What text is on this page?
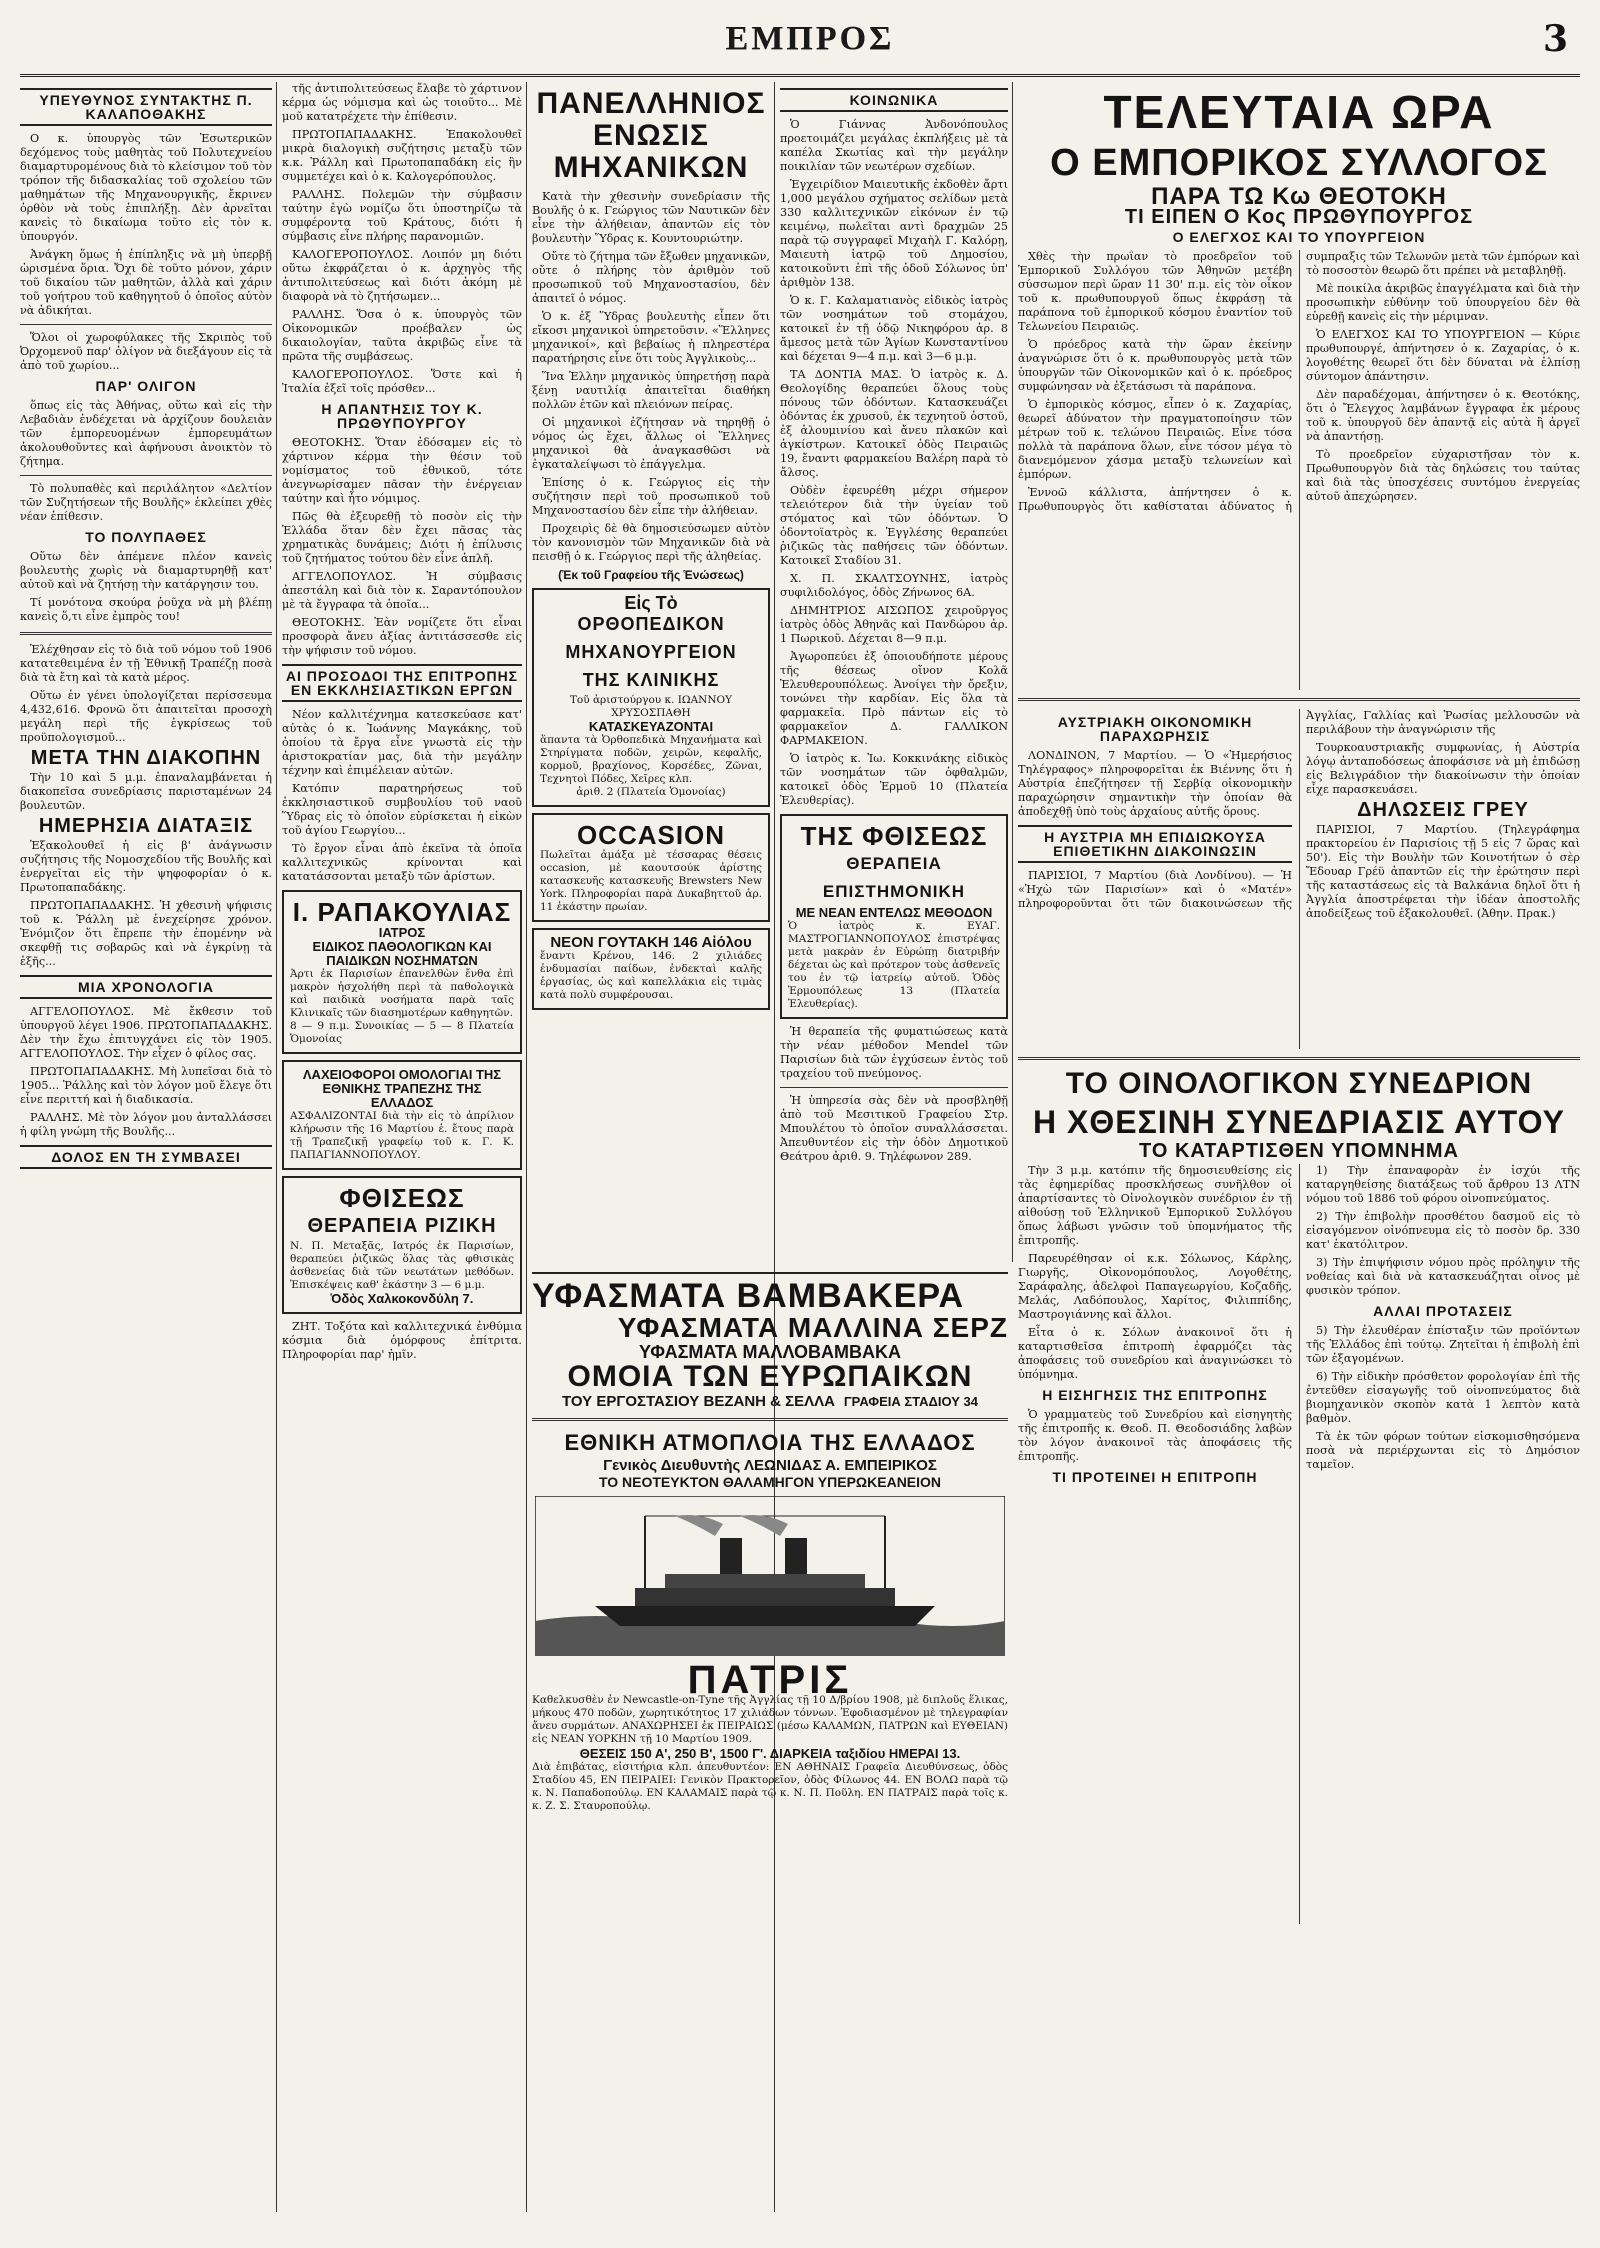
ΕΜΠΡΟΣ	3
ΥΠΕΥΘΥΝΟΣ ΣΥΝΤΑΚΤΗΣ Π. ΚΑΛΑΠΟΘΑΚΗΣ

Ο κ. ὑπουργὸς τῶν Ἐσωτερικῶν δεχόμενος τοὺς μαθητὰς τοῦ Πολυτεχνείου διαμαρτυρομένους διὰ τὸ κλείσιμον τοῦ τὸν τρόπον τῆς διδασκαλίας τοῦ σχολείου τῶν μαθημάτων τῆς Μηχανουργικῆς, ἔκρινεν ὀρθὸν νὰ τοὺς ἐπιπλήξῃ. Δὲν ἀρνεῖται κανεὶς τὸ δικαίωμα τοῦτο εἰς τὸν κ. ὑπουργόν.

Ἀνάγκη ὅμως ἡ ἐπίπληξις νὰ μὴ ὑπερβῇ ὡρισμένα ὅρια. Ὄχι δὲ τοῦτο μόνον, χάριν τοῦ δικαίου τῶν μαθητῶν, ἀλλὰ καὶ χάριν τοῦ γοήτρου τοῦ καθηγητοῦ ὁ ὁποῖος αὐτὸν νὰ ἀδικήται.

Ὅλοι οἱ χωροφύλακες τῆς Σκριπὸς τοῦ Ὀρχομενοῦ παρ' ὀλίγον νὰ διεξάγουν εἰς τὰ ἀπὸ τοῦ χωρίου...

ΠΑΡ' ΟΛΙΓΟΝ

ὅπως εἰς τὰς Ἀθήνας, οὕτω καὶ εἰς τὴν Λεβαδιὰν ἐνδέχεται νὰ ἀρχίζουν δουλειὰν τῶν ἐμπορευομένων ἐμπορευμάτων ἀκολουθοῦντες καὶ ἀφήνουσι ἀνοικτὸν τὸ ζήτημα.

Τὸ πολυπαθὲς καὶ περιλάλητον «Δελτίον τῶν Συζητήσεων τῆς Βουλῆς» ἐκλείπει χθὲς νέαν ἐπίθεσιν.

ΤΟ ΠΟΛΥΠΑΘΕΣ

Οὕτω δὲν ἀπέμενε πλέον κανεὶς βουλευτὴς χωρὶς νὰ διαμαρτυρηθῇ κατ' αὐτοῦ καὶ νὰ ζητήσῃ τὴν κατάργησιν του.

Τί μονότονα σκούρα ῥοῦχα νὰ μὴ βλέπῃ κανεὶς ὅ,τι εἶνε ἐμπρὸς του!

Ἐλέχθησαν εἰς τὸ διὰ τοῦ νόμου τοῦ 1906 κατατεθειμένα ἐν τῇ Ἐθνικῇ Τραπέζῃ ποσὰ διὰ τὰ ἔτη καὶ τὰ κατὰ μέρος.

Οὕτω ἐν γένει ὑπολογίζεται περίσσευμα 4,432,616. Φρονῶ ὅτι ἀπαιτεῖται προσοχὴ μεγάλη περὶ τῆς ἐγκρίσεως τοῦ προϋπολογισμοῦ...

ΜΕΤΑ ΤΗΝ ΔΙΑΚΟΠΗΝ

Τὴν 10 καὶ 5 μ.μ. ἐπαναλαμβάνεται ἡ διακοπεῖσα συνεδρίασις παρισταμένων 24 βουλευτῶν.

ΗΜΕΡΗΣΙΑ ΔΙΑΤΑΞΙΣ

Ἐξακολουθεῖ ἡ εἰς β' ἀνάγνωσιν συζήτησις τῆς Νομοσχεδίου τῆς Βουλῆς καὶ ἐνεργεῖται εἰς τὴν ψηφοφορίαν ὁ κ. Πρωτοπαπαδάκης.

ΠΡΩΤΟΠΑΠΑΔΑΚΗΣ. Ἡ χθεσινὴ ψήφισις τοῦ κ. Ῥάλλη μὲ ἐνεχείρησε χρόνον. Ἐνόμιζον ὅτι ἔπρεπε τὴν ἐπομένην νὰ σκεφθῇ τις σοβαρῶς καὶ νὰ ἐγκρίνῃ τὰ ἑξῆς...

ΜΙΑ ΧΡΟΝΟΛΟΓΙΑ

ΑΓΓΕΛΟΠΟΥΛΟΣ. Μὲ ἔκθεσιν τοῦ ὑπουργοῦ λέγει 1906. ΠΡΩΤΟΠΑΠΑΔΑΚΗΣ. Δὲν τὴν ἔχω ἐπιτυγχάνει εἰς τὸν 1905. ΑΓΓΕΛΟΠΟΥΛΟΣ. Τὴν εἶχεν ὁ φίλος σας.

ΠΡΩΤΟΠΑΠΑΔΑΚΗΣ. Μὴ λυπεῖσαι διὰ τὸ 1905... Ῥάλλης καὶ τὸν λόγον μοῦ ἔλεγε ὅτι εἶνε περιττή καὶ ἡ διαδικασία.

ΡΑΛΛΗΣ. Μὲ τὸν λόγον μου ἀνταλλάσσει ἡ φίλη γνώμη τῆς Βουλῆς...

ΔΟΛΟΣ ΕΝ ΤΗ ΣΥΜΒΑΣΕΙ

τῆς ἀντιπολιτεύσεως ἔλαβε τὸ χάρτινον κέρμα ὡς νόμισμα καὶ ὡς τοιοῦτο... Μὲ μοῦ κατατρέχετε τὴν ἐπίθεσιν.

ΠΡΩΤΟΠΑΠΑΔΑΚΗΣ. Ἐπακολουθεῖ μικρὰ διαλογικὴ συζήτησις μεταξὺ τῶν κ.κ. Ῥάλλη καὶ Πρωτοπαπαδάκη εἰς ἣν συμμετέχει καὶ ὁ κ. Καλογερόπουλος.

ΡΑΛΛΗΣ. Πολεμῶν τὴν σύμβασιν ταύτην ἐγὼ νομίζω ὅτι ὑποστηρίζω τὰ συμφέροντα τοῦ Κράτους, διότι ἡ σύμβασις εἶνε πλήρης παρανομιῶν.

ΚΑΛΟΓΕΡΟΠΟΥΛΟΣ. Λοιπόν μη διότι οὕτω ἐκφράζεται ὁ κ. ἀρχηγὸς τῆς ἀντιπολιτεύσεως καὶ διότι ἀκόμη μὲ διαφορὰ νὰ τὸ ζητήσωμεν...

ΡΑΛΛΗΣ. Ὅσα ὁ κ. ὑπουργὸς τῶν Οἰκονομικῶν προέβαλεν ὡς δικαιολογίαν, ταῦτα ἀκριβῶς εἶνε τὰ πρῶτα τῆς συμβάσεως.

ΚΑΛΟΓΕΡΟΠΟΥΛΟΣ. Ὅστε καὶ ἡ Ἰταλία ἐξεῖ τοῖς πρόσθεν...

Η ΑΠΑΝΤΗΣΙΣ ΤΟΥ Κ. ΠΡΩΘΥΠΟΥΡΓΟΥ

ΘΕΟΤΟΚΗΣ. Ὅταν ἐδόσαμεν εἰς τὸ χάρτινον κέρμα τὴν θέσιν τοῦ νομίσματος τοῦ ἐθνικοῦ, τότε ἀνεγνωρίσαμεν πᾶσαν τὴν ἐνέργειαν ταύτην καὶ ἦτο νόμιμος.

Πῶς θὰ ἐξευρεθῇ τὸ ποσὸν εἰς τὴν Ἑλλάδα ὅταν δὲν ἔχει πᾶσας τὰς χρηματικὰς δυνάμεις; Διότι ἡ ἐπίλυσις τοῦ ζητήματος τούτου δὲν εἶνε ἁπλῆ.

ΑΓΓΕΛΟΠΟΥΛΟΣ. Ἡ σύμβασις ἀπεστάλη καὶ διὰ τὸν κ. Σαραντόπουλον μὲ τὰ ἔγγραφα τὰ ὁποῖα...

ΘΕΟΤΟΚΗΣ. Ἐὰν νομίζετε ὅτι εἶναι προσφορὰ ἄνευ ἀξίας ἀντιτάσσεσθε εἰς τὴν ψήφισιν τοῦ νόμου.

ΑΙ ΠΡΟΣΟΔΟΙ ΤΗΣ ΕΠΙΤΡΟΠΗΣ ΕΝ ΕΚΚΛΗΣΙΑΣΤΙΚΩΝ ΕΡΓΩΝ

Νέον καλλιτέχνημα κατεσκεύασε κατ' αὐτὰς ὁ κ. Ἰωάννης Μαγκάκης, τοῦ ὁποίου τὰ ἔργα εἶνε γνωστὰ εἰς τὴν ἀριστοκρατίαν μας, διὰ τὴν μεγάλην τέχνην καὶ ἐπιμέλειαν αὐτῶν.

Κατόπιν παρατηρήσεως τοῦ ἐκκλησιαστικοῦ συμβουλίου τοῦ ναοῦ Ὕδρας εἰς τὸ ὁποῖον εὐρίσκεται ἡ εἰκὼν τοῦ ἁγίου Γεωργίου...

Τὸ ἔργον εἶναι ἀπὸ ἐκεῖνα τὰ ὁποῖα καλλιτεχνικῶς κρίνονται καὶ κατατάσσονται μεταξὺ τῶν ἀρίστων.

Ι. ΡΑΠΑΚΟΥΛΙΑΣ
ΙΑΤΡΟΣ
ΕΙΔΙΚΟΣ ΠΑΘΟΛΟΓΙΚΩΝ ΚΑΙ ΠΑΙΔΙΚΩΝ ΝΟΣΗΜΑΤΩΝ
Ἀρτι ἐκ Παρισίων ἐπανελθὼν ἔνθα ἐπὶ μακρὸν ἠσχολήθη περὶ τὰ παθολογικὰ καὶ παιδικὰ νοσήματα παρὰ ταῖς Κλινικαῖς τῶν διασημοτέρων καθηγητῶν.
8 — 9 π.μ. Συνοικίας — 5 — 8 Πλατεία Ὁμονοίας
ΛΑΧΕΙΟΦΟΡΟΙ ΟΜΟΛΟΓΙΑΙ ΤΗΣ ΕΘΝΙΚΗΣ ΤΡΑΠΕΖΗΣ ΤΗΣ ΕΛΛΑΔΟΣ
ΑΣΦΑΛΙΖΟΝΤΑΙ διὰ τὴν εἰς τὸ ἀπρίλιον κλήρωσιν τῆς 16 Μαρτίου ἐ. ἔτους παρὰ τῇ Τραπεζικῇ γραφείῳ τοῦ κ. Γ. Κ. ΠΑΠΑΓΙΑΝΝΟΠΟΥΛΟΥ.
ΦΘΙΣΕΩΣ
ΘΕΡΑΠΕΙΑ ΡΙΖΙΚΗ
Ν. Π. Μεταξᾶς, Ιατρός ἐκ Παρισίων, θεραπεύει ῥιζικῶς ὅλας τὰς φθισικὰς ἀσθενείας διὰ τῶν νεωτάτων μεθόδων. Ἐπισκέψεις καθ' ἑκάστην 3 — 6 μ.μ.
Ὁδὸς Χαλκοκονδύλη 7.

ΖΗΤ. Τοξότα καὶ καλλιτεχνικά ἐνθύμια κόσμια διὰ ὁμόρφους ἐπίτριτα. Πληροφορίαι παρ' ἡμῖν.

ΠΑΝΕΛΛΗΝΙΟΣ ΕΝΩΣΙΣ ΜΗΧΑΝΙΚΩΝ

Κατὰ τὴν χθεσινὴν συνεδρίασιν τῆς Βουλῆς ὁ κ. Γεώργιος τῶν Ναυτικῶν δὲν εἶνε τὴν ἀλήθειαν, ἀπαντῶν εἰς τὸν βουλευτὴν Ὕδρας κ. Κουντουριώτην.

Οὔτε τὸ ζήτημα τῶν ἔξωθεν μηχανικῶν, οὔτε ὁ πλήρης τὸν ἀριθμὸν τοῦ προσωπικοῦ τοῦ Μηχανοστασίου, δὲν ἀπαιτεῖ ὁ νόμος.

Ὁ κ. ἐξ Ὕδρας βουλευτὴς εἶπεν ὅτι εἴκοσι μηχανικοὶ ὑπηρετοῦσιν. «Ἕλληνες μηχανικοί», καὶ βεβαίως ἡ πληρεστέρα παρατήρησις εἶνε ὅτι τοὺς Ἀγγλικοὺς...

Ἵνα Ἑλλην μηχανικὸς ὑπηρετήσῃ παρὰ ξένῃ ναυτιλίᾳ ἀπαιτεῖται διαθήκη πολλῶν ἐτῶν καὶ πλειόνων πείρας.

Οἱ μηχανικοὶ ἐζήτησαν νὰ τηρηθῇ ὁ νόμος ὡς ἔχει, ἄλλως οἱ Ἕλληνες μηχανικοὶ θὰ ἀναγκασθῶσι νὰ ἐγκαταλείψωσι τὸ ἐπάγγελμα.

Ἐπίσης ὁ κ. Γεώργιος εἰς τὴν συζήτησιν περὶ τοῦ προσωπικοῦ τοῦ Μηχανοστασίου δὲν εἶπε τὴν ἀλήθειαν.

Προχειρὶς δὲ θὰ δημοσιεύσωμεν αὐτὸν τὸν κανονισμὸν τῶν Μηχανικῶν διὰ νὰ πεισθῇ ὁ κ. Γεώργιος περὶ τῆς ἀληθείας.

(Ἐκ τοῦ Γραφείου τῆς Ἑνώσεως)
Εἰς Τὸ
ΟΡΘΟΠΕΔΙΚΟΝ ΜΗΧΑΝΟΥΡΓΕΙΟΝ
ΤΗΣ ΚΛΙΝΙΚΗΣ
Τοῦ ἀριστούργου κ. ΙΩΑΝΝΟΥ ΧΡΥΣΟΣΠΑΘΗ
ΚΑΤΑΣΚΕΥΑΖΟΝΤΑΙ
ἅπαντα τὰ Ὀρθοπεδικὰ Μηχανήματα καὶ Στηρίγματα ποδῶν, χειρῶν, κεφαλῆς, κορμοῦ, βραχίονος, Κορσέδες, Ζῶναι, Τεχνητοὶ Πόδες, Χεῖρες κλπ.
ἀριθ. 2 (Πλατεία Ὁμονοίας)
OCCASION
Πωλεῖται ἀμάξα μὲ τέσσαρας θέσεις occasion, μὲ καουτσούκ ἀρίστης κατασκευῆς κατασκευῆς Brewsters New York. Πληροφορίαι παρὰ Δυκαβηττοῦ ἀρ. 11 ἑκάστην πρωίαν.
ΝΕΟΝ ΓΟΥΤΑΚΗ 146 Αἰόλου
ἔναντι Κρένου, 146. 2 χιλιάδες ἐνδυμασίαι παίδων, ἐνδεκταὶ καλῆς ἐργασίας, ὡς καὶ καπελλάκια εἰς τιμὰς κατὰ πολὺ συμφέρουσαι.
ΚΟΙΝΩΝΙΚΑ

Ὁ Γιάννας Ἀνδονόπουλος προετοιμάζει μεγάλας ἐκπλήξεις μὲ τὰ καπέλα Σκωτίας καὶ τὴν μεγάλην ποικιλίαν τῶν νεωτέρων σχεδίων.

Ἐγχειρίδιον Μαιευτικῆς ἐκδοθὲν ἄρτι 1,000 μεγάλου σχήματος σελίδων μετὰ 330 καλλιτεχνικῶν εἰκόνων ἐν τῷ κειμένῳ, πωλεῖται αντὶ δραχμῶν 25 παρὰ τῷ συγγραφεῖ Μιχαὴλ Γ. Καλόρῃ, Μαιευτὴ ἰατρῷ τοῦ Δημοσίου, κατοικοῦντι ἐπὶ τῆς ὁδοῦ Σόλωνος ὑπ' ἀριθμὸν 138.

Ὁ κ. Γ. Καλαματιανὸς εἰδικὸς ἰατρὸς τῶν νοσημάτων τοῦ στομάχου, κατοικεῖ ἐν τῇ ὁδῷ Νικηφόρου ἀρ. 8 ἄμεσος μετὰ τῶν Ἁγίων Κωνσταντίνου καὶ δέχεται 9—4 π.μ. καὶ 3—6 μ.μ.

ΤΑ ΔΟΝΤΙΑ ΜΑΣ. Ὁ ἰατρὸς κ. Δ. Θεολογίδης θεραπεύει ὅλους τοὺς πόνους τῶν ὀδόντων. Κατασκευάζει ὀδόντας ἐκ χρυσοῦ, ἐκ τεχνητοῦ ὀστοῦ, ἐξ ἀλουμινίου καὶ ἄνευ πλακῶν καὶ ἀγκίστρων. Κατοικεῖ ὁδὸς Πειραιῶς 19, ἔναντι φαρμακείου Βαλέρη παρὰ τὸ ἄλσος.

Οὐδὲν ἐφευρέθη μέχρι σήμερον τελειότερον διὰ τὴν ὑγείαν τοῦ στόματος καὶ τῶν ὀδόντων. Ὁ ὀδοντοϊατρὸς κ. Ἐγγλέσης θεραπεύει ῥιζικῶς τὰς παθήσεις τῶν ὀδόντων. Κατοικεῖ Σταδίου 31.

Χ. Π. ΣΚΑΛΤΣΟΥΝΗΣ, ἰατρὸς συφιλιδολόγος, ὁδὸς Ζήνωνος 6Α.

ΔΗΜΗΤΡΙΟΣ ΑΙΣΩΠΟΣ χειροῦργος ἰατρὸς ὁδὸς Ἀθηνᾶς καὶ Πανδώρου ἀρ. 1 Πωρικοῦ. Δέχεται 8—9 π.μ.

Ἀγωροπεύει ἐξ ὁποιουδήποτε μέρους τῆς θέσεως οἴνον Κολᾶ Ἐλευθερουπόλεως. Ἀνοίγει τὴν ὄρεξιν, τονώνει τὴν καρδίαν. Εἰς ὅλα τὰ φαρμακεῖα. Πρὸ πάντων εἰς τὸ φαρμακεῖον Δ. ΓΑΛΛΙΚΟΝ ΦΑΡΜΑΚΕΙΟΝ.

Ὁ ἰατρὸς κ. Ἰω. Κοκκινάκης εἰδικὸς τῶν νοσημάτων τῶν ὀφθαλμῶν, κατοικεῖ ὁδὸς Ἑρμοῦ 10 (Πλατεία Ἐλευθερίας).

ΤΗΣ ΦΘΙΣΕΩΣ
ΘΕΡΑΠΕΙΑ ΕΠΙΣΤΗΜΟΝΙΚΗ
ΜΕ ΝΕΑΝ ΕΝΤΕΛΩΣ ΜΕΘΟΔΟΝ
Ὁ ἰατρὸς κ. ΕΥΑΓ. ΜΑΣΤΡΟΓΙΑΝΝΟΠΟΥΛΟΣ ἐπιστρέψας μετὰ μακρὰν ἐν Εὐρώπῃ διατριβήν δέχεται ὡς καὶ πρότερον τοὺς ἀσθενεῖς του ἐν τῷ ἰατρείῳ αὐτοῦ. Ὁδὸς Ἑρμουπόλεως 13 (Πλατεία Ἐλευθερίας).

Ἡ θεραπεία τῆς φυματιώσεως κατὰ τὴν νέαν μέθοδον Mendel τῶν Παρισίων διὰ τῶν ἐγχύσεων ἐντὸς τοῦ τραχείου τοῦ πνεύμονος.

Ἡ ὑπηρεσία σὰς δὲν νὰ προσβληθῇ ἀπὸ τοῦ Μεσιτικοῦ Γραφείου Στρ. Μπουλέτου τὸ ὁποῖον συναλλάσσεται. Ἀπευθυντέον εἰς τὴν ὁδὸν Δημοτικοῦ Θεάτρου ἀριθ. 9. Τηλέφωνον 289.

ΥΦΑΣΜΑΤΑ ΒΑΜΒΑΚΕΡΑ
ΥΦΑΣΜΑΤΑ ΜΑΛΛΙΝΑ ΣΕΡΖ
ΥΦΑΣΜΑΤΑ ΜΑΛΛΟΒΑΜΒΑΚΑ
ΟΜΟΙΑ ΤΩΝ ΕΥΡΩΠΑΙΚΩΝ
ΤΟΥ ΕΡΓΟΣΤΑΣΙΟΥ ΒΕΖΑΝΗ & ΣΕΛΛΑ ΓΡΑΦΕΙΑ ΣΤΑΔΙΟΥ 34
ΕΘΝΙΚΗ ΑΤΜΟΠΛΟΙΑ ΤΗΣ ΕΛΛΑΔΟΣ
Γενικὸς Διευθυντὴς ΛΕΩΝΙΔΑΣ Α. ΕΜΠΕΙΡΙΚΟΣ
ΤΟ ΝΕΟΤΕΥΚΤΟΝ ΘΑΛΑΜΗΓΟΝ ΥΠΕΡΩΚΕΑΝΕΙΟΝ
ΠΑΤΡΙΣ
Καθελκυσθὲν ἐν Newcastle-on-Tyne τῆς Ἀγγλίας τῇ 10 Δ/βρίου 1908, μὲ διπλοῦς ἕλικας, μήκους 470 ποδῶν, χωρητικότητος 17 χιλιάδων τόννων. Ἐφοδιασμένον μὲ τηλεγραφίαν ἄνευ συρμάτων. ΑΝΑΧΩΡΗΣΕΙ ἐκ ΠΕΙΡΑΙΩΣ (μέσω ΚΑΛΑΜΩΝ, ΠΑΤΡΩΝ καὶ ΕΥΘΕΙΑΝ) εἰς ΝΕΑΝ ΥΟΡΚΗΝ τῇ 10 Μαρτίου 1909.
ΘΕΣΕΙΣ 150 Α', 250 Β', 1500 Γ'. ΔΙΑΡΚΕΙΑ ταξιδίου ΗΜΕΡΑΙ 13.
Διὰ ἐπιβάτας, εἰσιτήρια κλπ. ἀπευθυντέον: ΕΝ ΑΘΗΝΑΙΣ Γραφεῖα Διευθύνσεως, ὁδὸς Σταδίου 45, ΕΝ ΠΕΙΡΑΙΕΙ: Γενικὸν Πρακτορεῖον, ὁδὸς Φίλωνος 44. ΕΝ ΒΟΛΩ παρὰ τῷ κ. Ν. Παπαδοπούλῳ. ΕΝ ΚΑΛΑΜΑΙΣ παρὰ τῷ κ. Ν. Π. Ποῦλη. ΕΝ ΠΑΤΡΑΙΣ παρὰ τοῖς κ. κ. Ζ. Σ. Σταυροπούλῳ.
ΤΕΛΕΥΤΑΙΑ ΩΡΑ
Ο ΕΜΠΟΡΙΚΟΣ ΣΥΛΛΟΓΟΣ
ΠΑΡΑ ΤΩ Κω ΘΕΟΤΟΚΗ
ΤΙ ΕΙΠΕΝ Ο Κος ΠΡΩΘΥΠΟΥΡΓΟΣ
Ο ΕΛΕΓΧΟΣ ΚΑΙ ΤΟ ΥΠΟΥΡΓΕΙΟΝ

Χθὲς τὴν πρωΐαν τὸ προεδρεῖον τοῦ Ἐμπορικοῦ Συλλόγου τῶν Ἀθηνῶν μετέβη σύσσωμον περὶ ὥραν 11 30' π.μ. εἰς τὸν οἶκον τοῦ κ. πρωθυπουργοῦ ὅπως ἐκφράσῃ τὰ παράπονα τοῦ ἐμπορικοῦ κόσμου ἐναντίον τοῦ Τελωνείου Πειραιῶς.

Ὁ πρόεδρος κατὰ τὴν ὥραν ἐκείνην ἀναγνώρισε ὅτι ὁ κ. πρωθυπουργὸς μετὰ τῶν ὑπουργῶν τῶν Οἰκονομικῶν καὶ ὁ κ. πρόεδρος συμφώνησαν νὰ ἐξετάσωσι τὰ παράπονα.

Ὁ ἐμπορικὸς κόσμος, εἶπεν ὁ κ. Ζαχαρίας, θεωρεῖ ἀδύνατον τὴν πραγματοποίησιν τῶν μέτρων τοῦ κ. τελώνου Πειραιῶς. Εἶνε τόσα πολλὰ τὰ παράπονα ὅλων, εἶνε τόσον μέγα τὸ διανεμόμενον χάσμα μεταξὺ τελωνείων καὶ ἐμπόρων.

Ἐννοῶ κάλλιστα, ἀπήντησεν ὁ κ. Πρωθυπουργὸς ὅτι καθίσταται ἀδύνατος ἡ συμπραξις τῶν Τελωνῶν μετὰ τῶν ἐμπόρων καὶ τὸ ποσοστὸν θεωρῶ ὅτι πρέπει νὰ μεταβληθῇ.

Μὲ ποικίλα ἀκριβῶς ἐπαγγέλματα καὶ διὰ τὴν προσωπικὴν εὐθύνην τοῦ ὑπουργείου δὲν θὰ εὑρεθῇ κανεὶς εἰς τὴν μέριμναν.

Ὁ ΕΛΕΓΧΟΣ ΚΑΙ ΤΟ ΥΠΟΥΡΓΕΙΟΝ — Κύριε πρωθυπουργέ, ἀπήντησεν ὁ κ. Ζαχαρίας, ὁ κ. λογοθέτης θεωρεῖ ὅτι δὲν δύναται νὰ ἐλπίσῃ σύντομον ἀπάντησιν.

Δὲν παραδέχομαι, ἀπήντησεν ὁ κ. Θεοτόκης, ὅτι ὁ Ἔλεγχος λαμβάνων ἔγγραφα ἐκ μέρους τοῦ κ. ὑπουργοῦ δὲν ἀπαντᾷ εἰς αὐτὰ ἢ ἀργεῖ νὰ ἀπαντήσῃ.

Τὸ προεδρεῖον εὐχαριστῆσαν τὸν κ. Πρωθυπουργὸν διὰ τὰς δηλώσεις του ταύτας καὶ διὰ τὰς ὑποσχέσεις συντόμου ἐνεργείας αὐτοῦ ἀπεχώρησεν.

ΑΥΣΤΡΙΑΚΗ ΟΙΚΟΝΟΜΙΚΗ ΠΑΡΑΧΩΡΗΣΙΣ

ΛΟΝΔΙΝΟΝ, 7 Μαρτίου. — Ὁ «Ἡμερήσιος Τηλέγραφος» πληροφορεῖται ἐκ Βιέννης ὅτι ἡ Αὐστρία ἐπεζήτησεν τῇ Σερβίᾳ οἰκονομικὴν παραχώρησιν σημαντικὴν τὴν ὁποίαν θὰ ἀποδεχθῇ ὑπὸ τοὺς ἀρχαίους αὐτῆς ὅρους.

Η ΑΥΣΤΡΙΑ ΜΗ ΕΠΙΔΙΩΚΟΥΣΑ ΕΠΙΘΕΤΙΚΗΝ ΔΙΑΚΟΙΝΩΣΙΝ

ΠΑΡΙΣΙΟΙ, 7 Μαρτίου (διὰ Λονδίνου). — Ἡ «Ἠχὼ τῶν Παρισίων» καὶ ὁ «Ματέν» πληροφοροῦνται ὅτι τῶν διακοινώσεων τῆς Ἀγγλίας, Γαλλίας καὶ Ῥωσίας μελλουσῶν νὰ περιλάβουν τὴν ἀναγνώρισιν τῆς

Τουρκοαυστριακῆς συμφωνίας, ἡ Αὐστρία λόγῳ ἀνταποδόσεως ἀποφάσισε νὰ μὴ ἐπιδώσῃ εἰς Βελιγράδιον τὴν διακοίνωσιν τὴν ὁποίαν εἶχε παρασκευάσει.

ΔΗΛΩΣΕΙΣ ΓΡΕΥ

ΠΑΡΙΣΙΟΙ, 7 Μαρτίου. (Τηλεγράφημα πρακτορείου ἐν Παρισίοις τῇ 5 εἰς 7 ὥρας καὶ 50'). Εἰς τὴν Βουλὴν τῶν Κοινοτήτων ὁ σὲρ Ἔδουαρ Γρέϋ ἀπαντῶν εἰς τὴν ἐρώτησιν περὶ τῆς καταστάσεως εἰς τὰ Βαλκάνια δηλοῖ ὅτι ἡ Ἀγγλία ἀποστρέφεται τὴν ἰδέαν ἀποστολῆς ἀποδείξεως τοῦ ἐξακολουθεῖ. (Ἀθην. Πρακ.)

ΤΟ ΟΙΝΟΛΟΓΙΚΟΝ ΣΥΝΕΔΡΙΟΝ
Η ΧΘΕΣΙΝΗ ΣΥΝΕΔΡΙΑΣΙΣ ΑΥΤΟΥ
ΤΟ ΚΑΤΑΡΤΙΣΘΕΝ ΥΠΟΜΝΗΜΑ

Τὴν 3 μ.μ. κατόπιν τῆς δημοσιευθείσης εἰς τὰς ἐφημερίδας προσκλήσεως συνῆλθον οἱ ἀπαρτίσαντες τὸ Οἰνολογικὸν συνέδριον ἐν τῇ αἰθούσῃ τοῦ Ἑλληνικοῦ Ἐμπορικοῦ Συλλόγου ὅπως λάβωσι γνῶσιν τοῦ ὑπομνήματος τῆς ἐπιτροπῆς.

Παρευρέθησαν οἱ κ.κ. Σόλωνος, Κάρλης, Γιωργῆς, Οἰκονομόπουλος, Λογοθέτης, Σαράφαλης, ἀδελφοὶ Παπαγεωργίου, Κοζαδῆς, Μελάς, Λαδόπουλος, Χαρίτος, Φιλιππίδης, Μαστρογιάννης καὶ ἄλλοι.

Εἶτα ὁ κ. Σόλων ἀνακοινοῖ ὅτι ἡ καταρτισθεῖσα ἐπιτροπὴ ἐφαρμόζει τὰς ἀποφάσεις τοῦ συνεδρίου καὶ ἀναγινώσκει τὸ ὑπόμνημα.

Η ΕΙΣΗΓΗΣΙΣ ΤΗΣ ΕΠΙΤΡΟΠΗΣ

Ὁ γραμματεὺς τοῦ Συνεδρίου καὶ εἰσηγητὴς τῆς ἐπιτροπῆς κ. Θεοδ. Π. Θεοδοσιάδης λαβὼν τὸν λόγον ἀνακοινοῖ τὰς ἀποφάσεις τῆς ἐπιτροπῆς.

ΤΙ ΠΡΟΤΕΙΝΕΙ Η ΕΠΙΤΡΟΠΗ

1) Τὴν ἐπαναφορὰν ἐν ἰσχύι τῆς καταργηθείσης διατάξεως τοῦ ἄρθρου 13 ΛΤΝ νόμου τοῦ 1886 τοῦ φόρου οἰνοπνεύματος.

2) Τὴν ἐπιβολὴν προσθέτου δασμοῦ εἰς τὸ εἰσαγόμενον οἰνόπνευμα εἰς τὸ ποσὸν δρ. 330 κατ' ἑκατόλιτρον.

3) Τὴν ἐπιψήφισιν νόμου πρὸς πρόληψιν τῆς νοθείας καὶ διὰ νὰ κατασκευάζηται οἶνος μὲ φυσικὸν τρόπον.

ΑΛΛΑΙ ΠΡΟΤΑΣΕΙΣ

5) Τὴν ἐλευθέραν ἐπίσταξιν τῶν προϊόντων τῆς Ἑλλάδος ἐπὶ τούτῳ. Ζητεῖται ἡ ἐπιβολὴ ἐπὶ τῶν ἐξαγομένων.

6) Τὴν εἰδικὴν πρόσθετον φορολογίαν ἐπὶ τῆς ἐντεῦθεν εἰσαγωγῆς τοῦ οἰνοπνεύματος διὰ βιομηχανικὸν σκοπὸν κατὰ 1 λεπτὸν κατὰ βαθμὸν.

Τὰ ἐκ τῶν φόρων τούτων εἰσκομισθησόμενα ποσὰ νὰ περιέρχωνται εἰς τὸ Δημόσιον ταμεῖον.
